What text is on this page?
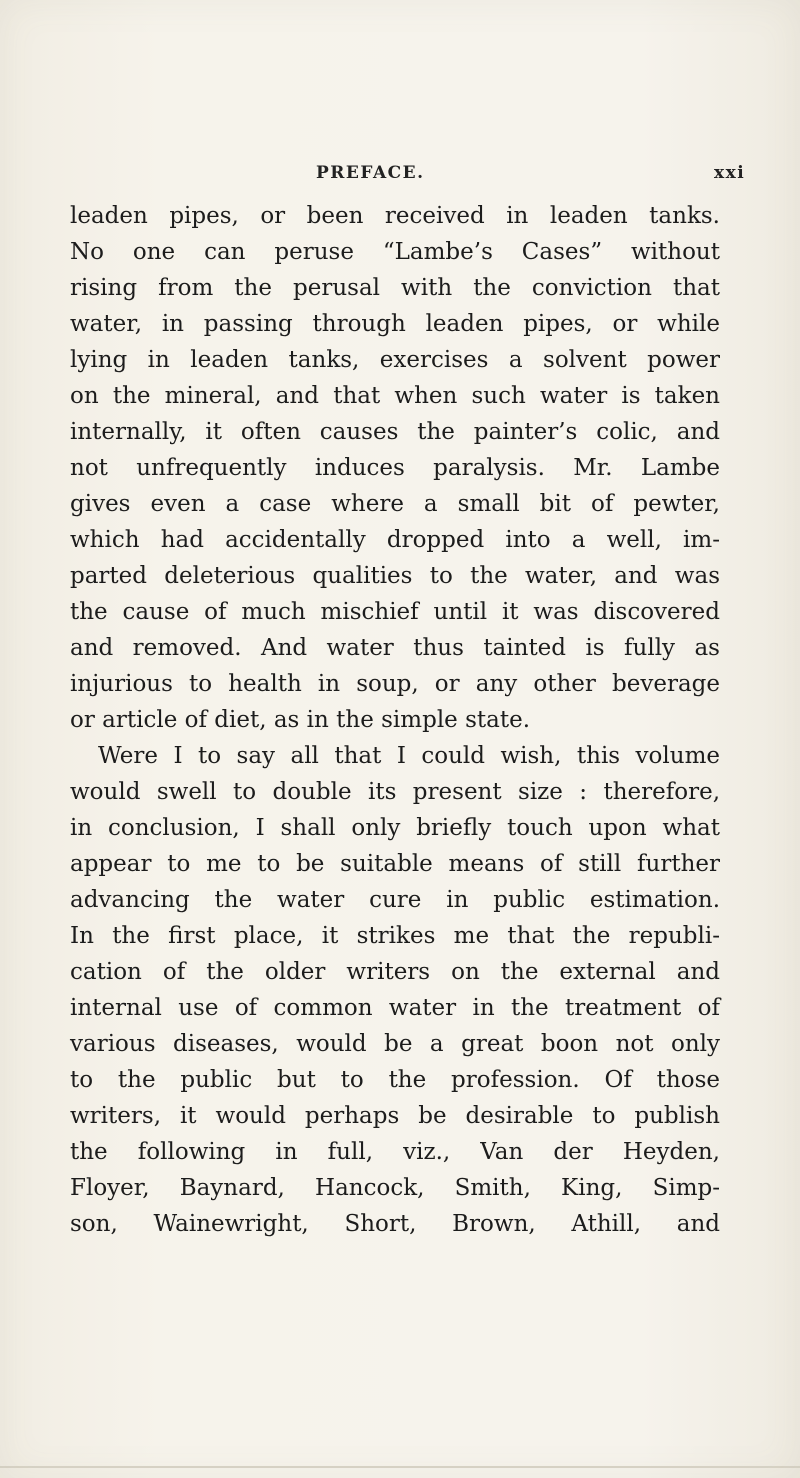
PREFACE.	xxi
leaden pipes, or been received in leaden tanks.
No one can peruse “Lambe’s Cases” without
rising from the perusal with the conviction that
water, in passing through leaden pipes, or while
lying in leaden tanks, exercises a solvent power
on the mineral, and that when such water is taken
internally, it often causes the painter’s colic, and
not unfrequently induces paralysis. Mr. Lambe
gives even a case where a small bit of pewter,
which had accidentally dropped into a well, im-
parted deleterious qualities to the water, and was
the cause of much mischief until it was discovered
and removed. And water thus tainted is fully as
injurious to health in soup, or any other beverage
or article of diet, as in the simple state.
Were I to say all that I could wish, this volume
would swell to double its present size : therefore,
in conclusion, I shall only briefly touch upon what
appear to me to be suitable means of still further
advancing the water cure in public estimation.
In the first place, it strikes me that the republi-
cation of the older writers on the external and
internal use of common water in the treatment of
various diseases, would be a great boon not only
to the public but to the profession. Of those
writers, it would perhaps be desirable to publish
the following in full, viz., Van der Heyden,
Floyer, Baynard, Hancock, Smith, King, Simp-
son, Wainewright, Short, Brown, Athill, and
